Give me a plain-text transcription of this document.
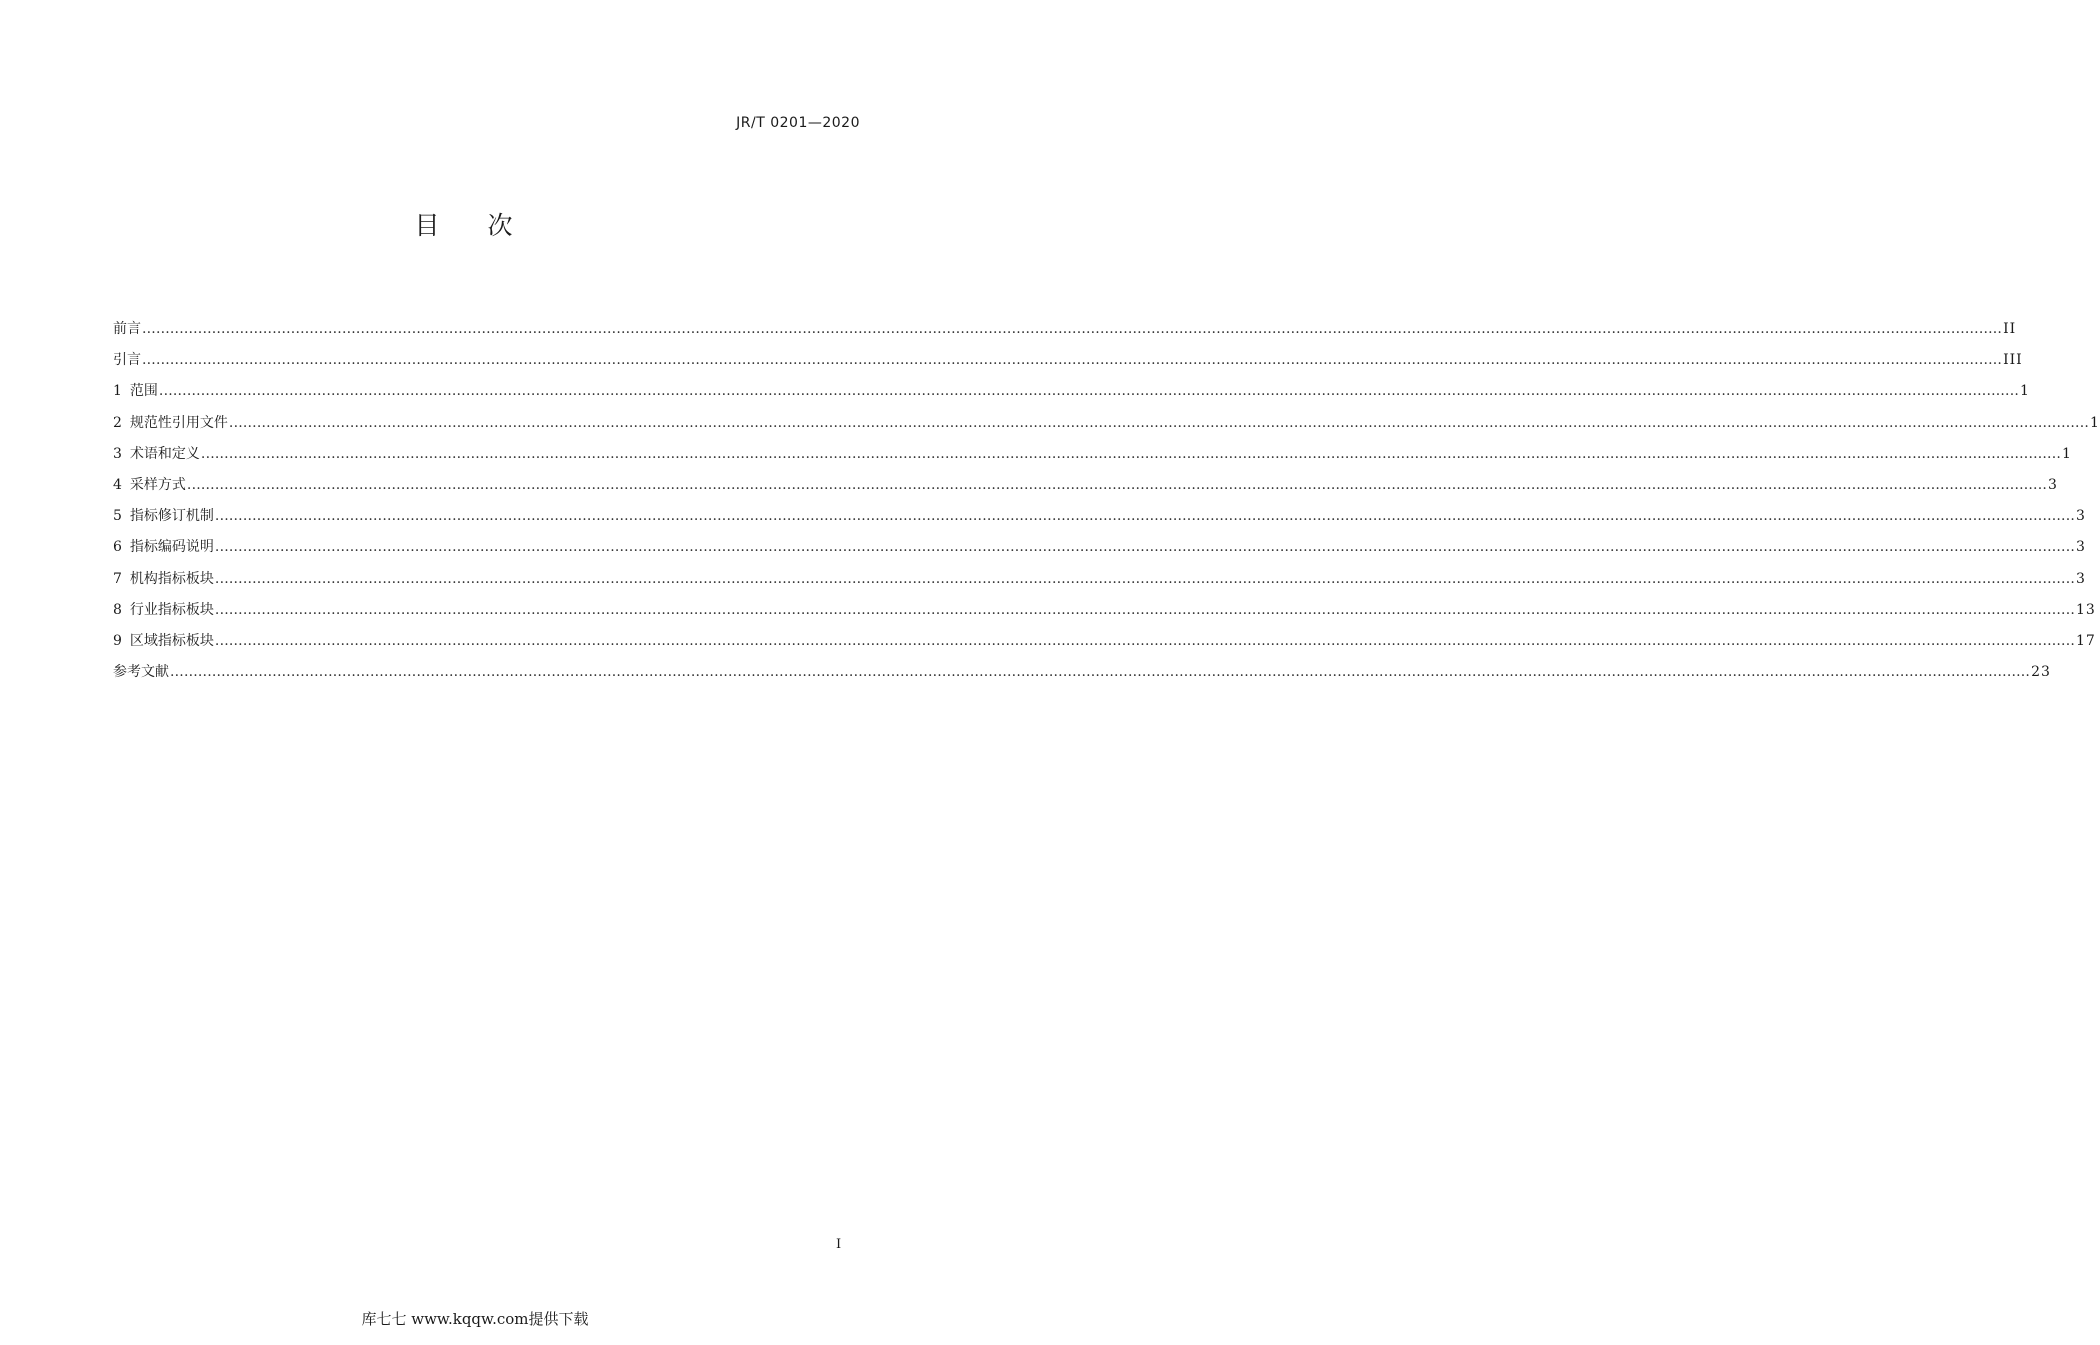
JR/T 0201—2020
目次
前言 ................................................................................................................................................................................................................................................................................................................................................................................................................ II
引言 ................................................................................................................................................................................................................................................................................................................................................................................................................ III
1 范围 ................................................................................................................................................................................................................................................................................................................................................................................................................ 1
2 规范性引用文件 ................................................................................................................................................................................................................................................................................................................................................................................................................ 1
3 术语和定义 ................................................................................................................................................................................................................................................................................................................................................................................................................ 1
4 采样方式 ................................................................................................................................................................................................................................................................................................................................................................................................................ 3
5 指标修订机制 ................................................................................................................................................................................................................................................................................................................................................................................................................ 3
6 指标编码说明 ................................................................................................................................................................................................................................................................................................................................................................................................................ 3
7 机构指标板块 ................................................................................................................................................................................................................................................................................................................................................................................................................ 3
8 行业指标板块 ................................................................................................................................................................................................................................................................................................................................................................................................................ 13
9 区域指标板块 ................................................................................................................................................................................................................................................................................................................................................................................................................ 17
参考文献 ................................................................................................................................................................................................................................................................................................................................................................................................................ 23
I
库七七 www.kqqw.com提供下载
